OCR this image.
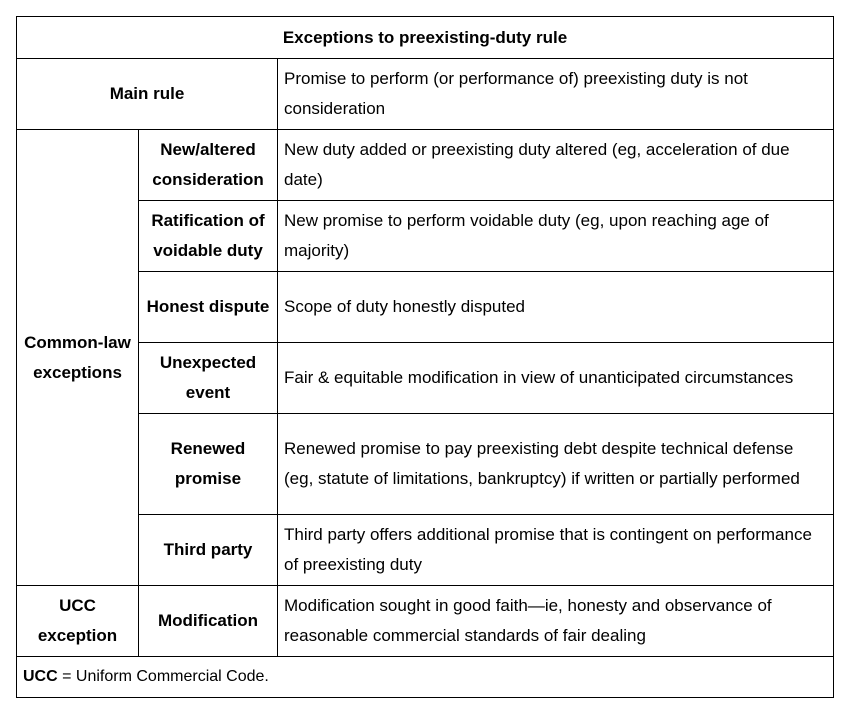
Exceptions to preexisting-duty rule		
Main rule		Promise to perform (or performance of) preexisting duty is not consideration
Common-law exceptions	New/altered consideration	New duty added or preexisting duty altered (eg, acceleration of due date)
	Ratification of voidable duty	New promise to perform voidable duty (eg, upon reaching age of majority)
	Honest dispute	Scope of duty honestly disputed
	Unexpected event	Fair & equitable modification in view of unanticipated circumstances
	Renewed promise	Renewed promise to pay preexisting debt despite technical defense (eg, statute of limitations, bankruptcy) if written or partially performed
	Third party	Third party offers additional promise that is contingent on performance of preexisting duty
UCC exception	Modification	Modification sought in good faith—ie, honesty and observance of reasonable commercial standards of fair dealing
UCC = Uniform Commercial Code.		
